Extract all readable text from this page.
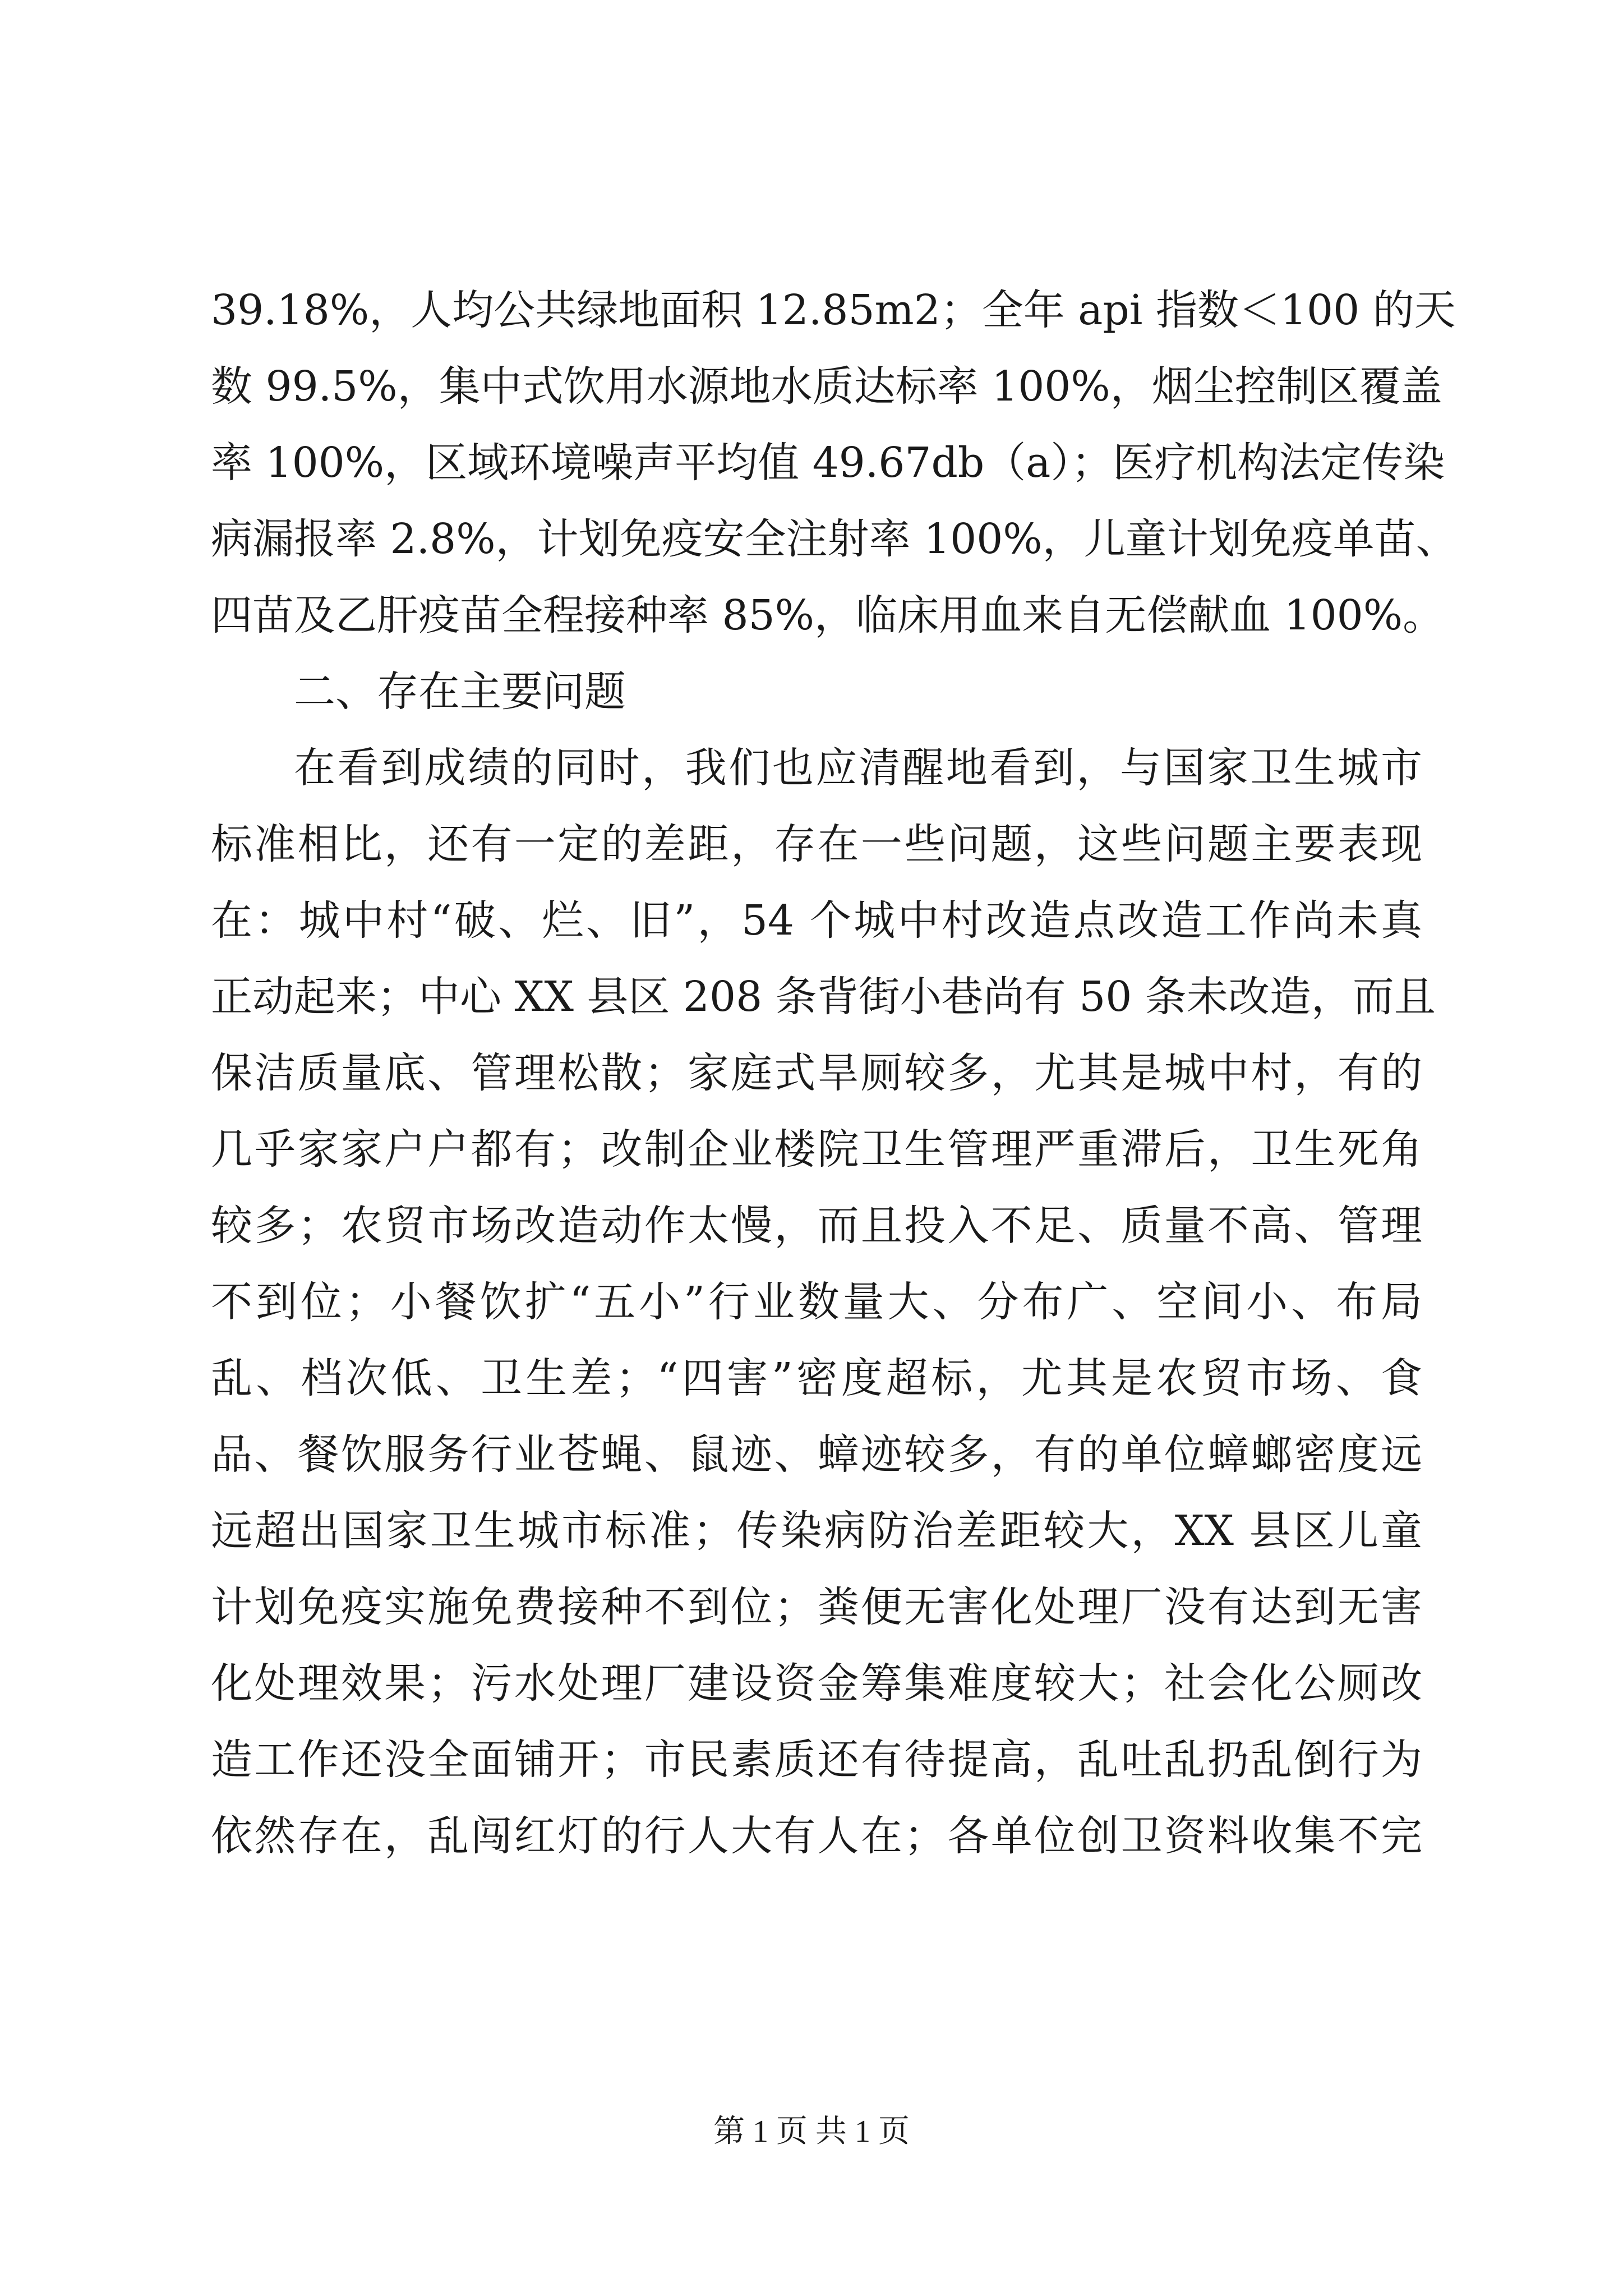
39.18%，人均公共绿地面积 12.85m2；全年 api 指数＜100 的天
数 99.5%，集中式饮用水源地水质达标率 100%，烟尘控制区覆盖
率 100%，区域环境噪声平均值 49.67db（a）；医疗机构法定传染
病漏报率 2.8%，计划免疫安全注射率 100%，儿童计划免疫单苗、
四苗及乙肝疫苗全程接种率 85%，临床用血来自无偿献血 100%。
二、存在主要问题
在看到成绩的同时，我们也应清醒地看到，与国家卫生城市
标准相比，还有一定的差距，存在一些问题，这些问题主要表现
在：城中村“破、烂、旧”，54 个城中村改造点改造工作尚未真
正动起来；中心 XX 县区 208 条背街小巷尚有 50 条未改造，而且
保洁质量底、管理松散；家庭式旱厕较多，尤其是城中村，有的
几乎家家户户都有；改制企业楼院卫生管理严重滞后，卫生死角
较多；农贸市场改造动作太慢，而且投入不足、质量不高、管理
不到位；小餐饮扩“五小”行业数量大、分布广、空间小、布局
乱、档次低、卫生差；“四害”密度超标，尤其是农贸市场、食
品、餐饮服务行业苍蝇、鼠迹、蟑迹较多，有的单位蟑螂密度远
远超出国家卫生城市标准；传染病防治差距较大，XX 县区儿童
计划免疫实施免费接种不到位；粪便无害化处理厂没有达到无害
化处理效果；污水处理厂建设资金筹集难度较大；社会化公厕改
造工作还没全面铺开；市民素质还有待提高，乱吐乱扔乱倒行为
依然存在，乱闯红灯的行人大有人在；各单位创卫资料收集不完
第 1 页 共 1 页
